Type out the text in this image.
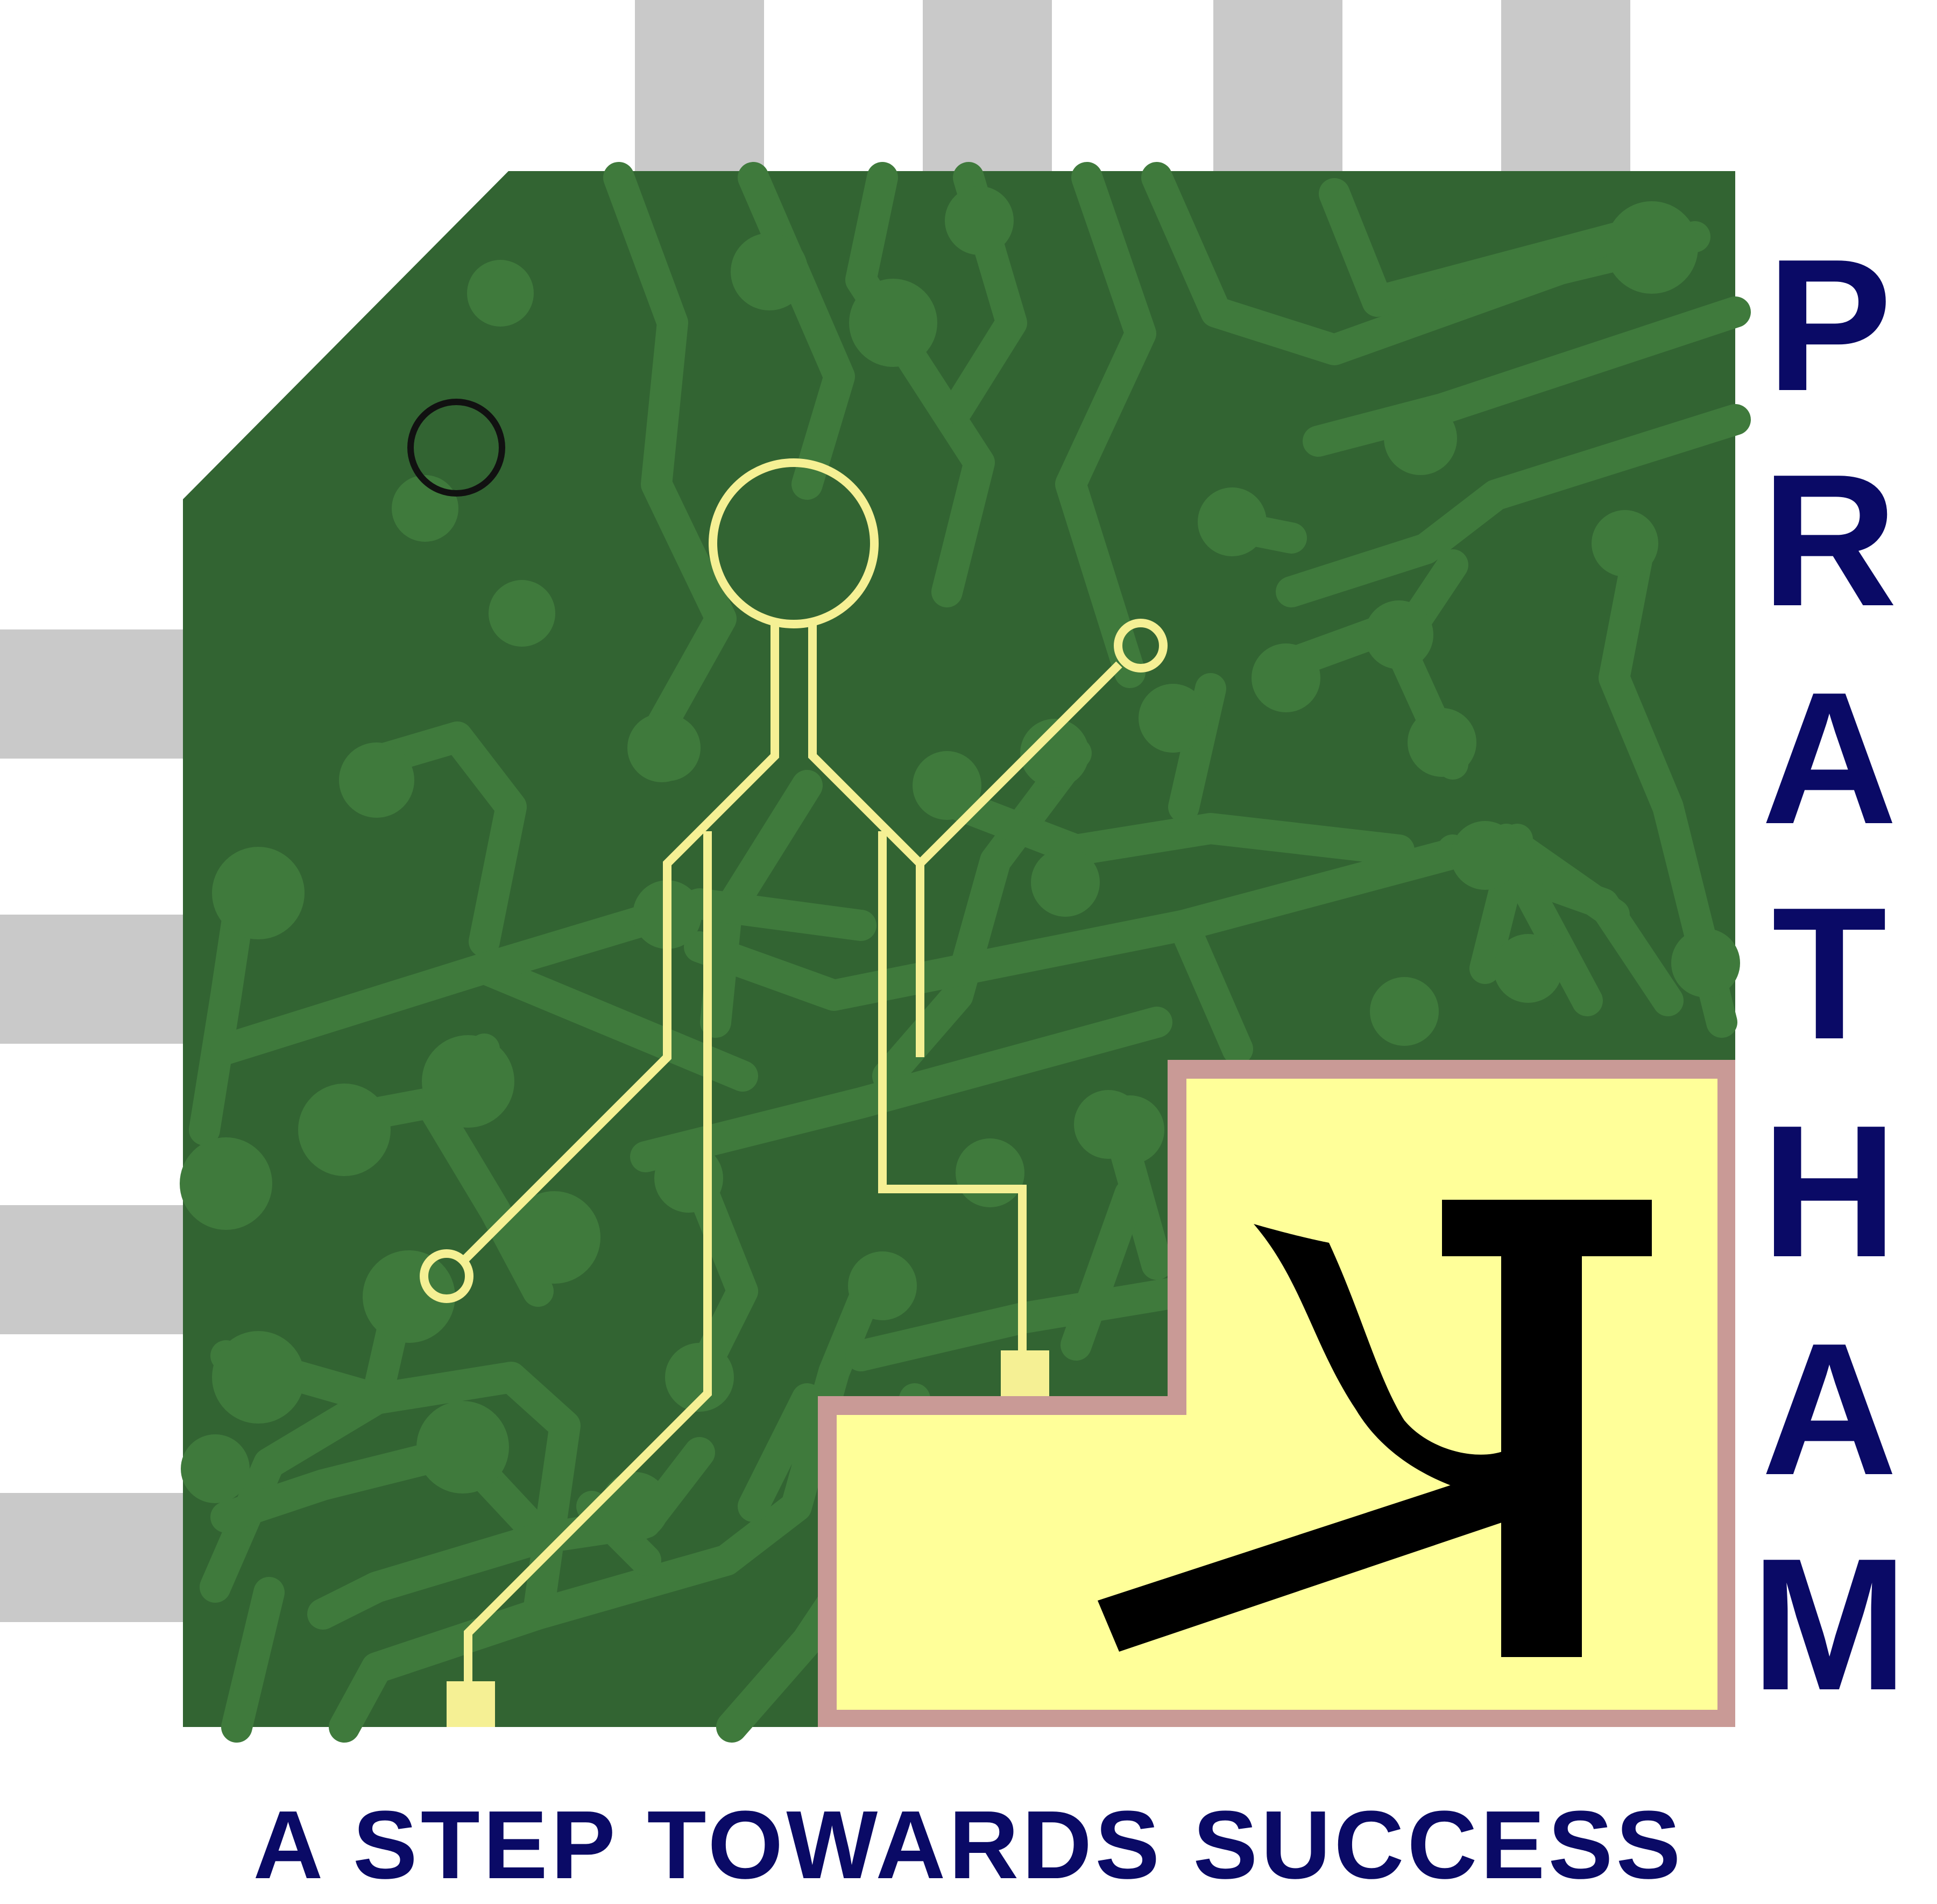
P
R
A
T
H
A
M
A STEP TOWARDS SUCCESS
